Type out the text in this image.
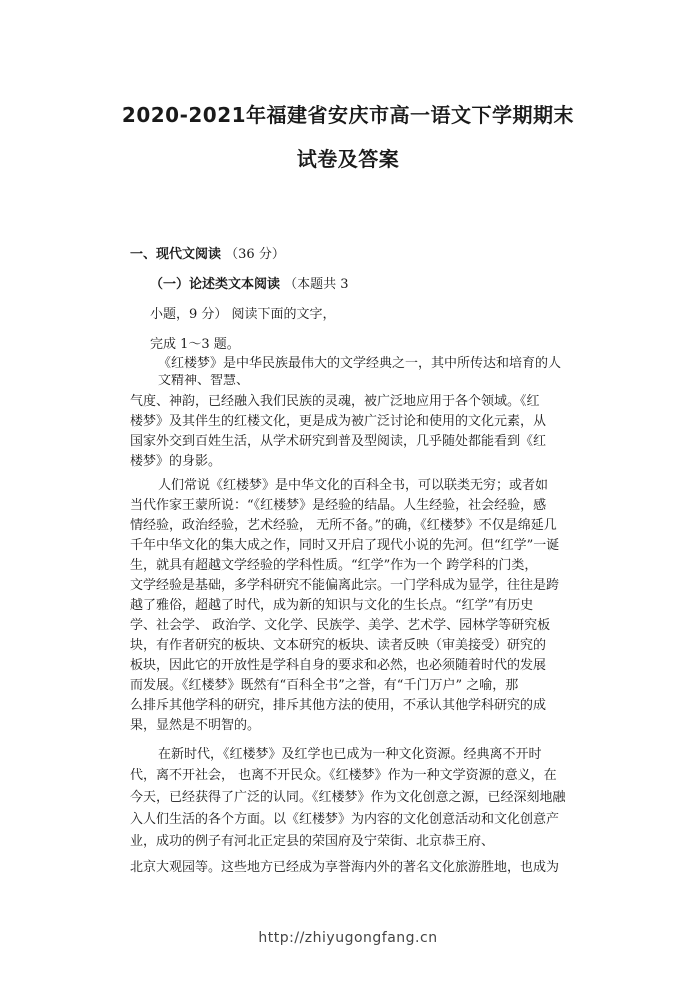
2020-2021年福建省安庆市高一语文下学期期末
试卷及答案
一、现代文阅读 （36 分）
（一）论述类文本阅读 （本题共 3
小题，9 分） 阅读下面的文字，
完成 1～3 题。
《红楼梦》是中华民族最伟大的文学经典之一，其中所传达和培育的人
文精神、智慧、
气度、神韵，已经融入我们民族的灵魂，被广泛地应用于各个领域。《红
楼梦》及其伴生的红楼文化，更是成为被广泛讨论和使用的文化元素，从
国家外交到百姓生活，从学术研究到普及型阅读，几乎随处都能看到《红
楼梦》的身影。
人们常说《红楼梦》是中华文化的百科全书，可以联类无穷；或者如
当代作家王蒙所说：“《红楼梦》是经验的结晶。人生经验，社会经验，感
情经验，政治经验，艺术经验， 无所不备。”的确，《红楼梦》不仅是绵延几
千年中华文化的集大成之作，同时又开启了现代小说的先河。但“红学”一诞
生，就具有超越文学经验的学科性质。“红学”作为一个 跨学科的门类，
文学经验是基础，多学科研究不能偏离此宗。一门学科成为显学，往往是跨
越了雅俗，超越了时代，成为新的知识与文化的生长点。“红学”有历史
学、社会学、 政治学、文化学、民族学、美学、艺术学、园林学等研究板
块，有作者研究的板块、文本研究的板块、读者反映（审美接受）研究的
板块，因此它的开放性是学科自身的要求和必然，也必须随着时代的发展
而发展。《红楼梦》既然有“百科全书”之誉，有“千门万户” 之喻，那
么排斥其他学科的研究，排斥其他方法的使用，不承认其他学科研究的成
果，显然是不明智的。
在新时代，《红楼梦》及红学也已成为一种文化资源。经典离不开时
代，离不开社会， 也离不开民众。《红楼梦》作为一种文学资源的意义，在
今天，已经获得了广泛的认同。《红楼梦》作为文化创意之源，已经深刻地融
入人们生活的各个方面。以《红楼梦》为内容的文化创意活动和文化创意产
业，成功的例子有河北正定县的荣国府及宁荣街、北京恭王府、
北京大观园等。这些地方已经成为享誉海内外的著名文化旅游胜地，也成为
http://zhiyugongfang.cn
